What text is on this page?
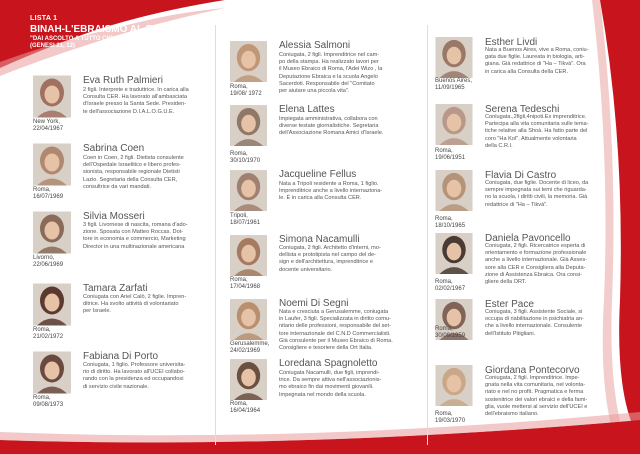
LISTA 1
BINAH-L'EBRAISMO AL FEMMINILE
"DAI ASCOLTO A TUTTO CIO' CHE SARAH TI DICE"
(GENESI 21, 12)
New York,
22/04/1967
Eva Ruth Palmieri
2 figli. Interprete e traduttrice. In carica alla
Consulta CER. Ha lavorato all'ambasciata
d'Israele presso la Santa Sede. Presiden-
te dell'associazione D.I.A.L.O.G.U.E.
Roma,
16/07/1969
Sabrina Coen
Coen in Coen, 2 figli. Dietista consulente
dell'Ospedale Israelitico e libero profes-
sionista, responsabile regionale Dietisti
Lazio. Segretaria della Consulta CER,
consultrice da vari mandati.
Livorno,
22/06/1969
Silvia Mosseri
3 figli. Livornese di nascita, romana d'ado-
zione. Sposata con Matteo Roccas. Dot-
tore in economia e commercio, Marketing
Director in una multinazionale americana
Roma,
21/02/1972
Tamara Zarfati
Coniugata con Ariel Calò, 2 figlie. Impren-
ditrice. Ha svolto attività di volontariato
per Israele.
Roma,
09/08/1973
Fabiana Di Porto
Coniugata, 1 figlio. Professore universita-
rio di diritto. Ha lavorato all'UCEI collabo-
rando con la presidenza ed occupandosi
di servizio civile nazionale.
Roma,
19/08/ 1972
Alessia Salmoni
Coniugata, 2 figli. Imprenditrice nel cam-
po della stampa. Ha realizzato lavori per
il Museo Ebraico di Roma, l'Adei Wizo , la
Deputazione Ebraica e la scuola Angelo
Sacerdoti. Responsabile del "Comitato
per aiutare una piccola vita".
Roma,
30/10/1970
Elena Lattes
Impiegata amministrativa, collabora con
diverse testate giornalistiche. Segretaria
dell'Associazione Romana Amici d'Israele.
Tripoli,
18/07/1961
Jacqueline Fellus
Nata a Tripoli residente a Roma, 1 figlio.
Imprenditrice anche a livello internaziona-
le. È in carica alla Consulta CER.
Roma,
17/04/1968
Simona Nacamulli
Coniugata, 2 figli. Architetto d'interni, mo-
dellista e prototipista nel campo del de-
sign e dell'architettura, imprenditrice e
docente universitario.
Gerusalemme,
24/02/1969
Noemi Di Segni
Nata e cresciuta a Gerusalemme, coniugata
in Laufer, 3 figli. Specializzata in diritto comu-
nitario delle professioni, responsabile del set-
tore internazionale del C.N.D Commercialisti.
Già consulente per il Museo Ebraico di Roma.
Consigliere e tesoriere della Ort Italia.
Roma,
16/04/1964
Loredana Spagnoletto
Coniugata Nacamulli, due figli, imprendi-
trice. Da sempre attiva nell'associazionis-
mo ebraico fin dai movimenti giovanili.
Impegnata nel mondo della scuola.
Buenos Aires,
11/09/1965
Esther Livdi
Nata a Buenos Aires, vive a Roma, coniu-
gata due figlie. Laureata in biologia, arti-
giana. Già redattrice di "Ha – Tikvà". Ora
in carica alla Consulta della CER.
Roma,
19/06/1951
Serena Tedeschi
Coniugata.,2figli,4nipoti.Ex imprenditrice.
Partecipa alla vita comunitaria sulle tema-
tiche relative alla Shoà. Ha fatto parte del
coro "Ha Kol". Attualmente volontaria
della C.R.I.
Roma,
18/10/1965
Flavia Di Castro
Coniugata, due figlie. Docente di liceo, da
sempre impegnata sui temi che riguarda-
no la scuola, i diritti civili, la memoria. Già
redattrice di "Ha – Tikvà".
Roma,
02/02/1967
Daniela Pavoncello
Coniugata, 2 figli. Ricercatrice esperta di
orientamento e formazione professionale
anche a livello internazionale. Già Asses-
sore alla CER e Consigliera alla Deputa-
zione di Assistenza Ebraica. Ora consi-
gliere della ORT.
Roma,
30/09/1959
Ester Pace
Coniugata, 3 figli. Assistente Sociale, si
occupa di riabilitazione in psichiatria an-
che a livello internazionale. Consulente
dell'Istituto Pitigliani.
Roma,
19/03/1970
Giordana Pontecorvo
Coniugata, 2 figli. Imprenditrice. Impe-
gnata nella vita comunitaria, nel volonta-
riato e nel no profit. Pragmatica e ferma
sostenitrice dei valori ebraici e della fami-
glia, vuole mettersi al servizio dell'UCEI e
dell'ebraismo italiano.
